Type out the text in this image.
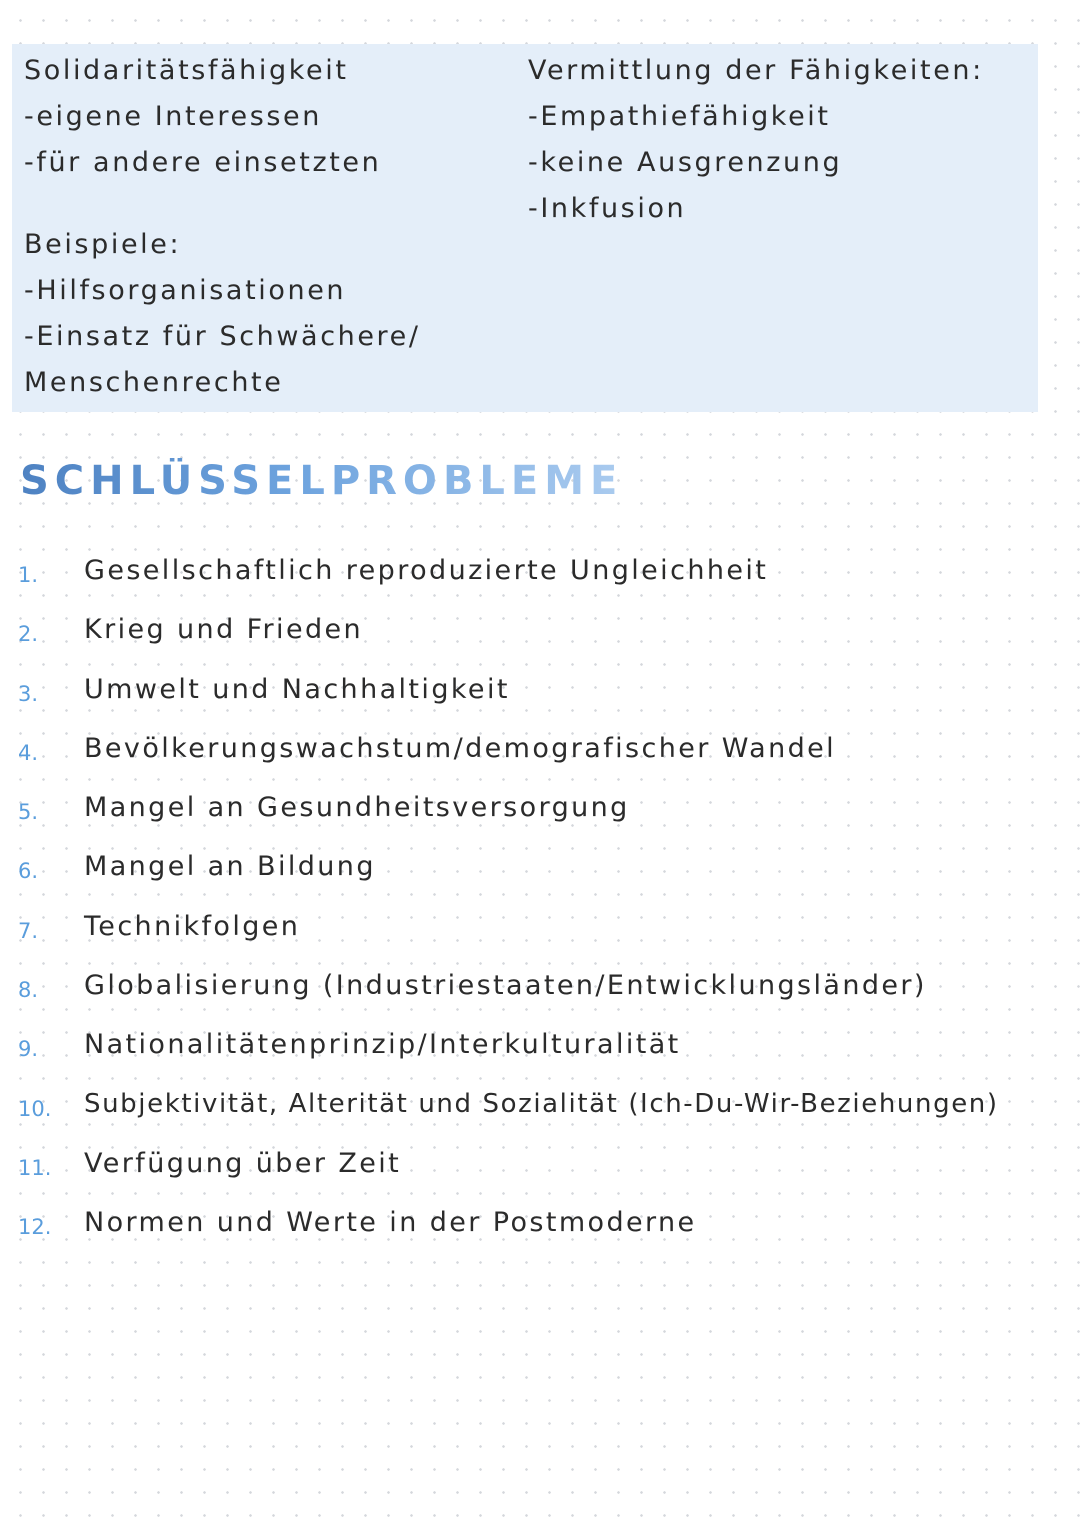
Solidaritätsfähigkeit
-eigene Interessen
-für andere einsetzten
Beispiele:
-Hilfsorganisationen
-Einsatz für Schwächere/
Menschenrechte
Vermittlung der Fähigkeiten:
-Empathiefähigkeit
-keine Ausgrenzung
-Inkfusion
SCHLÜSSELPROBLEME
1.	Gesellschaftlich reproduzierte Ungleichheit
2.	Krieg und Frieden
3.	Umwelt und Nachhaltigkeit
4.	Bevölkerungswachstum/demografischer Wandel
5.	Mangel an Gesundheitsversorgung
6.	Mangel an Bildung
7.	Technikfolgen
8.	Globalisierung (Industriestaaten/Entwicklungsländer)
9.	Nationalitätenprinzip/Interkulturalität
10.	Subjektivität, Alterität und Sozialität (Ich-Du-Wir-Beziehungen)
11.	Verfügung über Zeit
12.	Normen und Werte in der Postmoderne
